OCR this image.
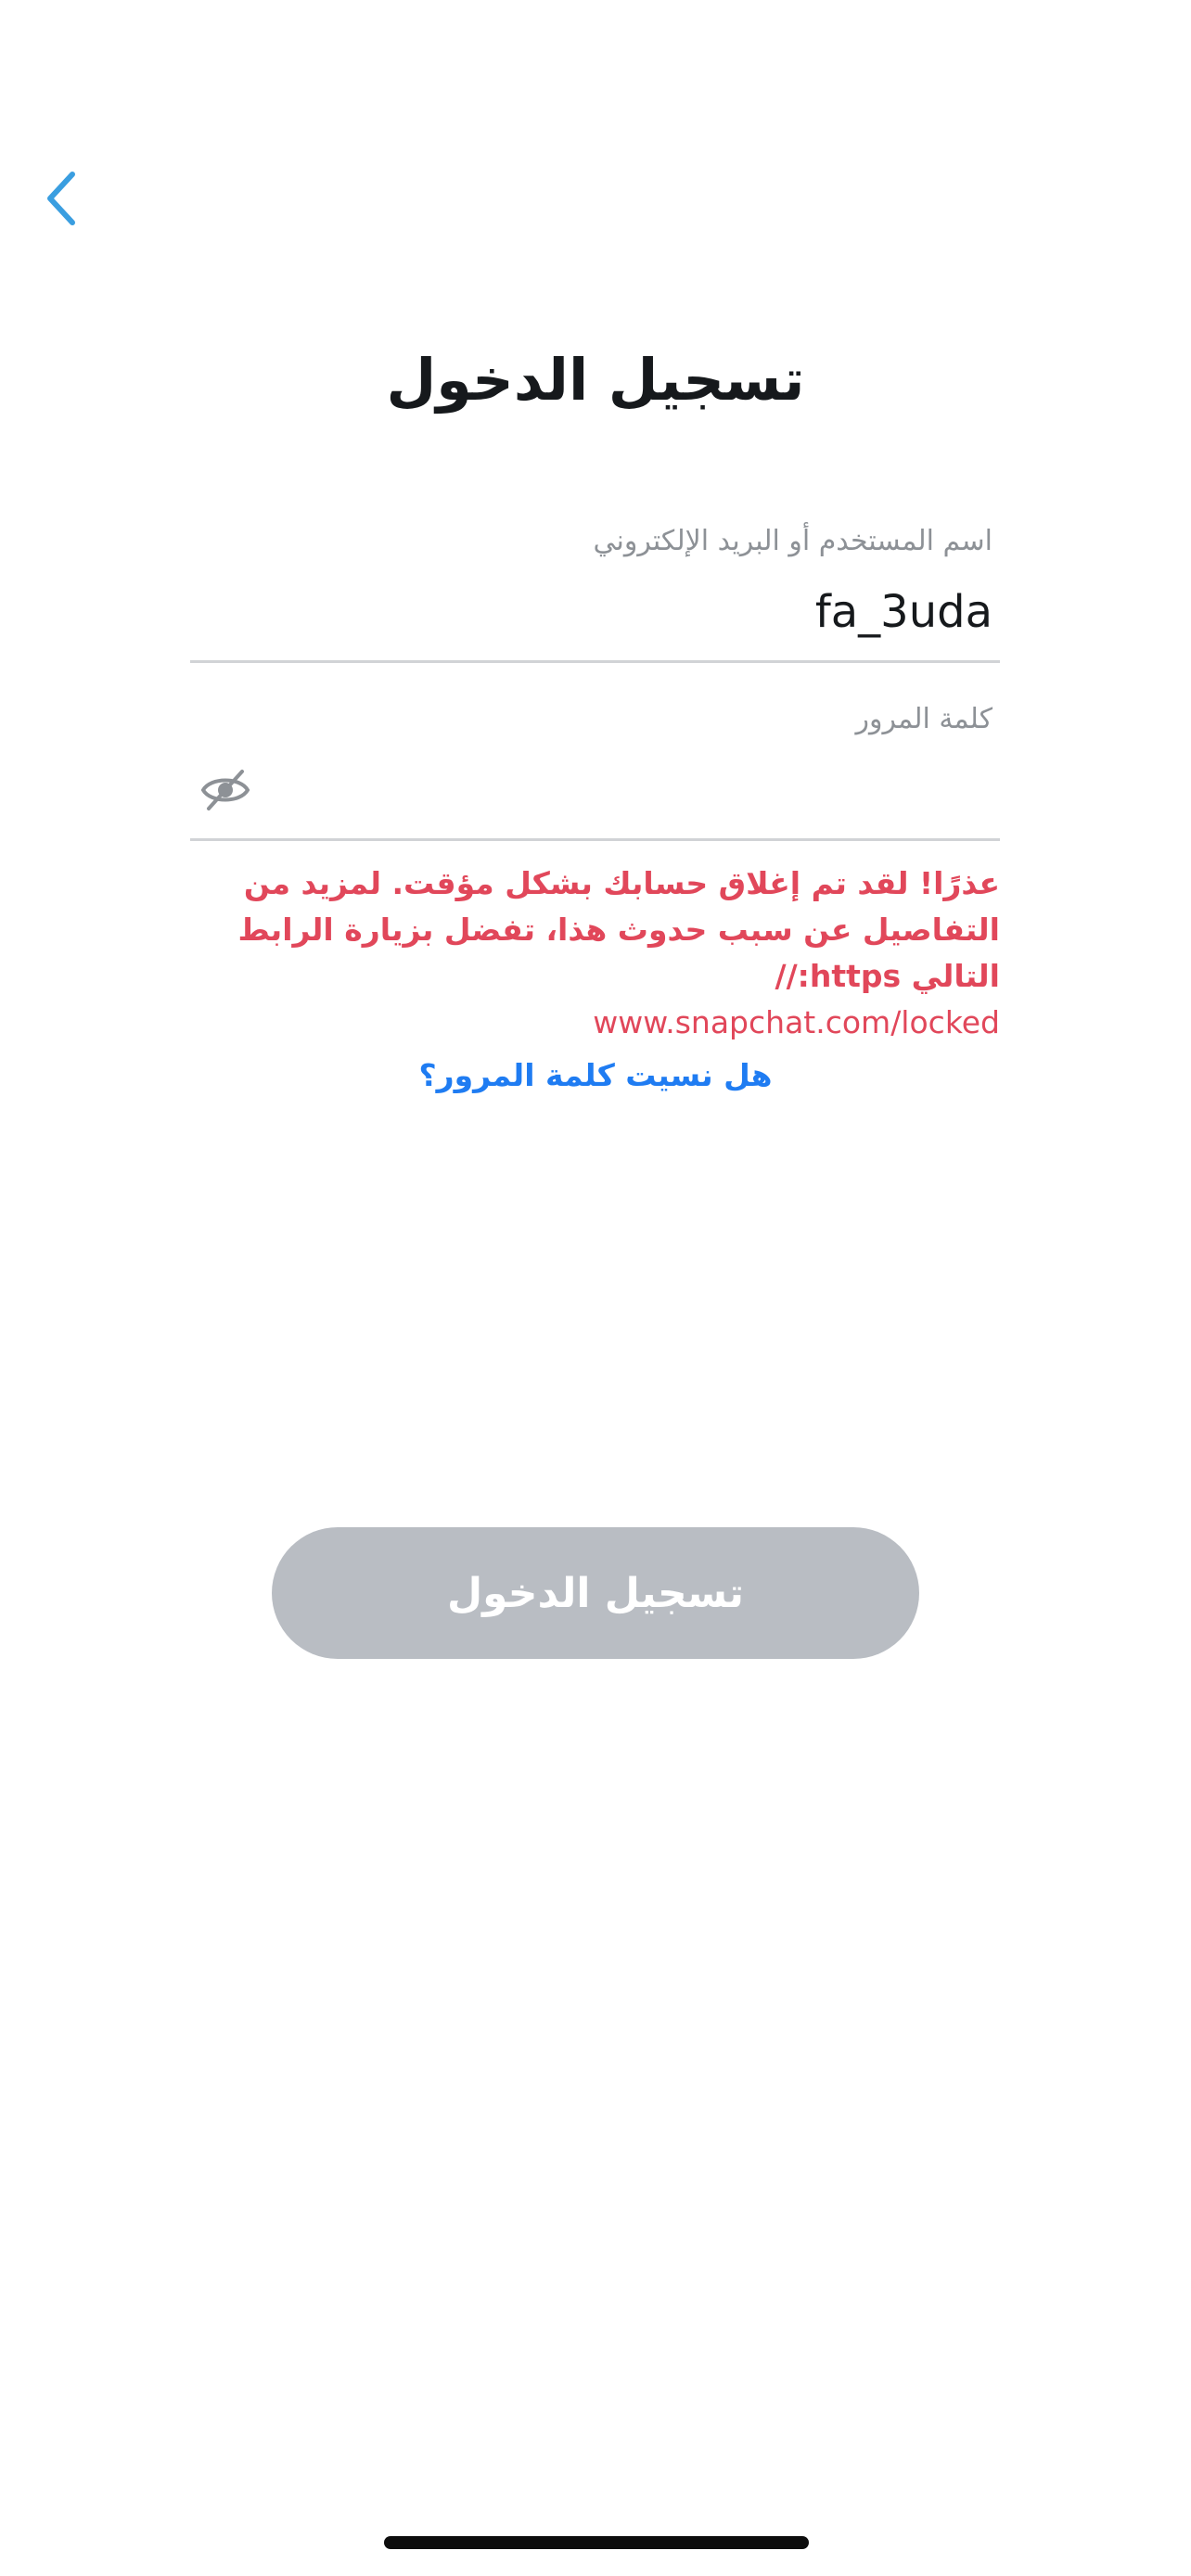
تسجيل الدخول
اسم المستخدم أو البريد الإلكتروني
fa_3uda
كلمة المرور
عذرًا! لقد تم إغلاق حسابك بشكل مؤقت. لمزيد من التفاصيل عن سبب حدوث هذا، تفضل بزيارة الرابط التالي https://
www.snapchat.com/locked
هل نسيت كلمة المرور؟
تسجيل الدخول
